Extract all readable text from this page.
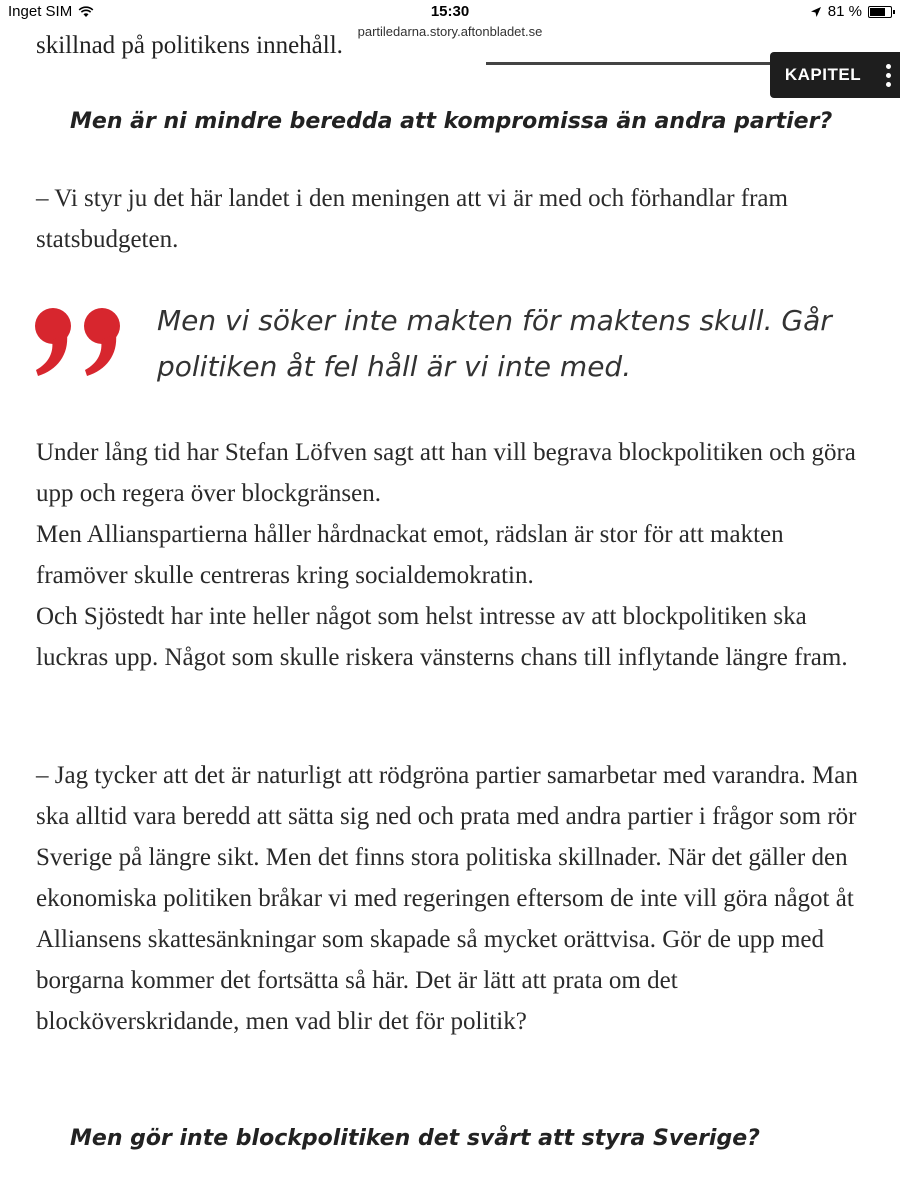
Inget SIM	15:30	81 %
partiledarna.story.aftonbladet.se
skillnad på politikens innehåll.
KAPITEL
Men är ni mindre beredda att kompromissa än andra partier?

– Vi styr ju det här landet i den meningen att vi är med och förhandlar fram statsbudgeten.

Men vi söker inte makten för maktens skull. Går politiken åt fel håll är vi inte med.
Under lång tid har Stefan Löfven sagt att han vill begrava blockpolitiken och göra upp och regera över blockgränsen.
Men Allianspartierna håller hårdnackat emot, rädslan är stor för att makten framöver skulle centreras kring socialdemokratin.
Och Sjöstedt har inte heller något som helst intresse av att blockpolitiken ska luckras upp. Något som skulle riskera vänsterns chans till inflytande längre fram.

– Jag tycker att det är naturligt att rödgröna partier samarbetar med varandra. Man ska alltid vara beredd att sätta sig ned och prata med andra partier i frågor som rör Sverige på längre sikt. Men det finns stora politiska skillnader. När det gäller den ekonomiska politiken bråkar vi med regeringen eftersom de inte vill göra något åt Alliansens skattesänkningar som skapade så mycket orättvisa. Gör de upp med borgarna kommer det fortsätta så här. Det är lätt att prata om det blocköverskridande, men vad blir det för politik?

Men gör inte blockpolitiken det svårt att styra Sverige?
